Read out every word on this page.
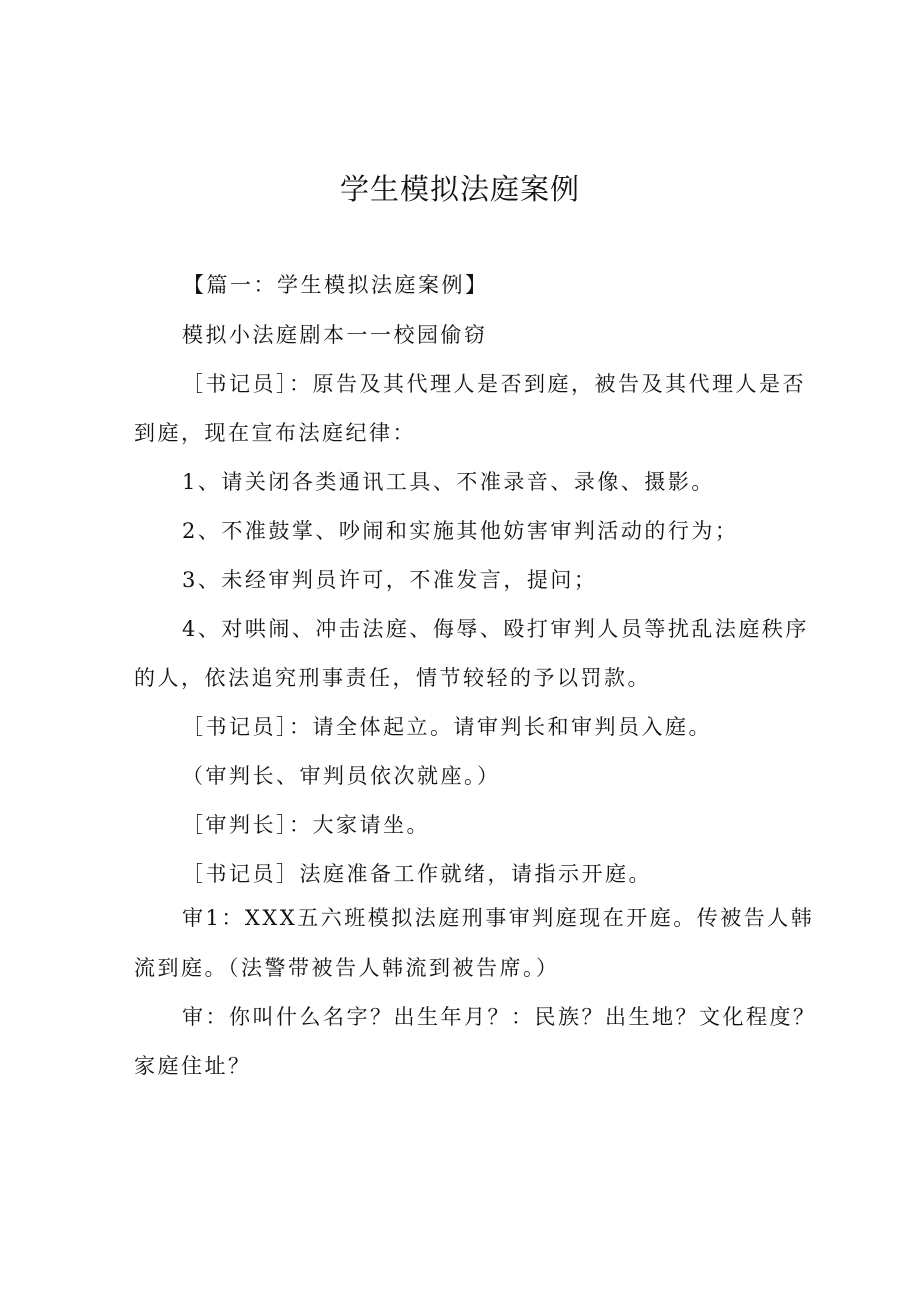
学生模拟法庭案例
【篇一：学生模拟法庭案例】
模拟小法庭剧本一一校园偷窃
［书记员］：原告及其代理人是否到庭，被告及其代理人是否
到庭，现在宣布法庭纪律：
1、请关闭各类通讯工具、不准录音、录像、摄影。
2、不准鼓掌、吵闹和实施其他妨害审判活动的行为；
3、未经审判员许可，不准发言，提问；
4、对哄闹、冲击法庭、侮辱、殴打审判人员等扰乱法庭秩序
的人，依法追究刑事责任，情节较轻的予以罚款。
［书记员］：请全体起立。请审判长和审判员入庭。
（审判长、审判员依次就座。）
［审判长］：大家请坐。
［书记员］法庭准备工作就绪，请指示开庭。
审1：XXX五六班模拟法庭刑事审判庭现在开庭。传被告人韩
流到庭。（法警带被告人韩流到被告席。）
审：你叫什么名字？出生年月？：民族？出生地？文化程度？
家庭住址？
